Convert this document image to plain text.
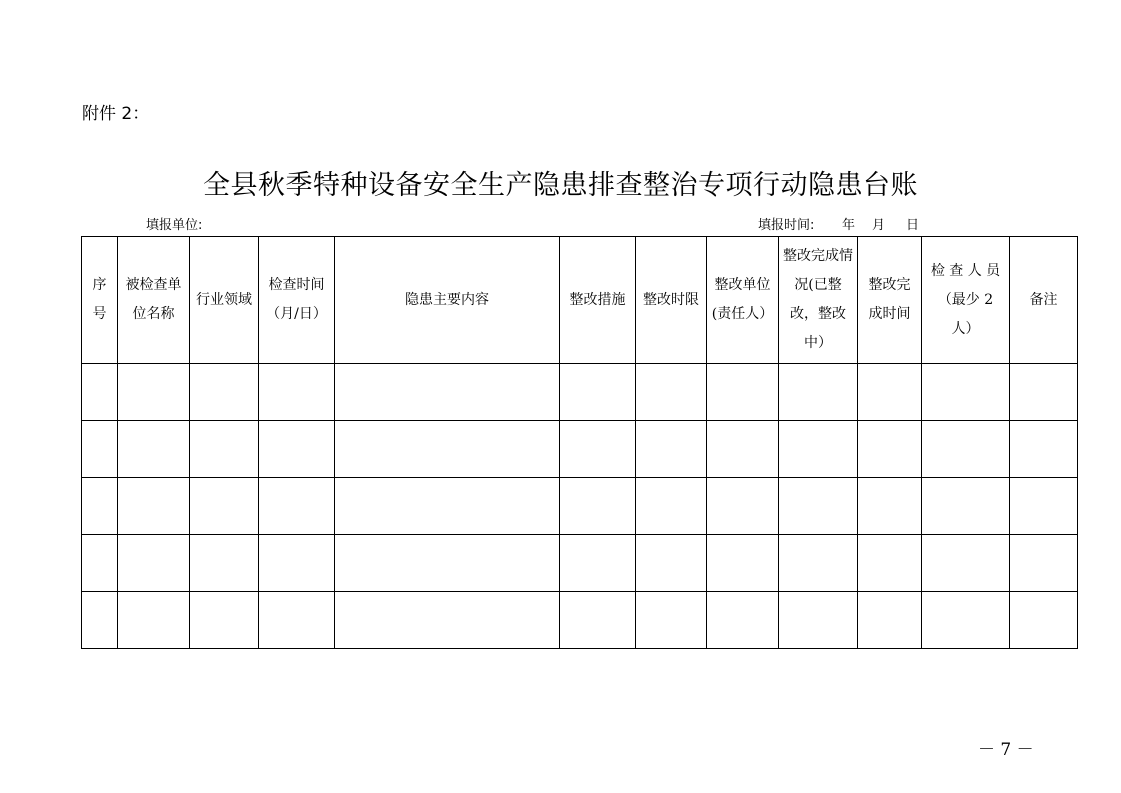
附件 2：
全县秋季特种设备安全生产隐患排查整治专项行动隐患台账
填报单位:	填报时间: 年 月 日
序号	被检查单位名称	行业领域	检查时间（月/日）	隐患主要内容	整改措施	整改时限	整改单位(责任人）	整改完成情况(已整改，整改中）	整改完成时间	检 查 人 员（最少 2 人）	备注

－ 7 －
